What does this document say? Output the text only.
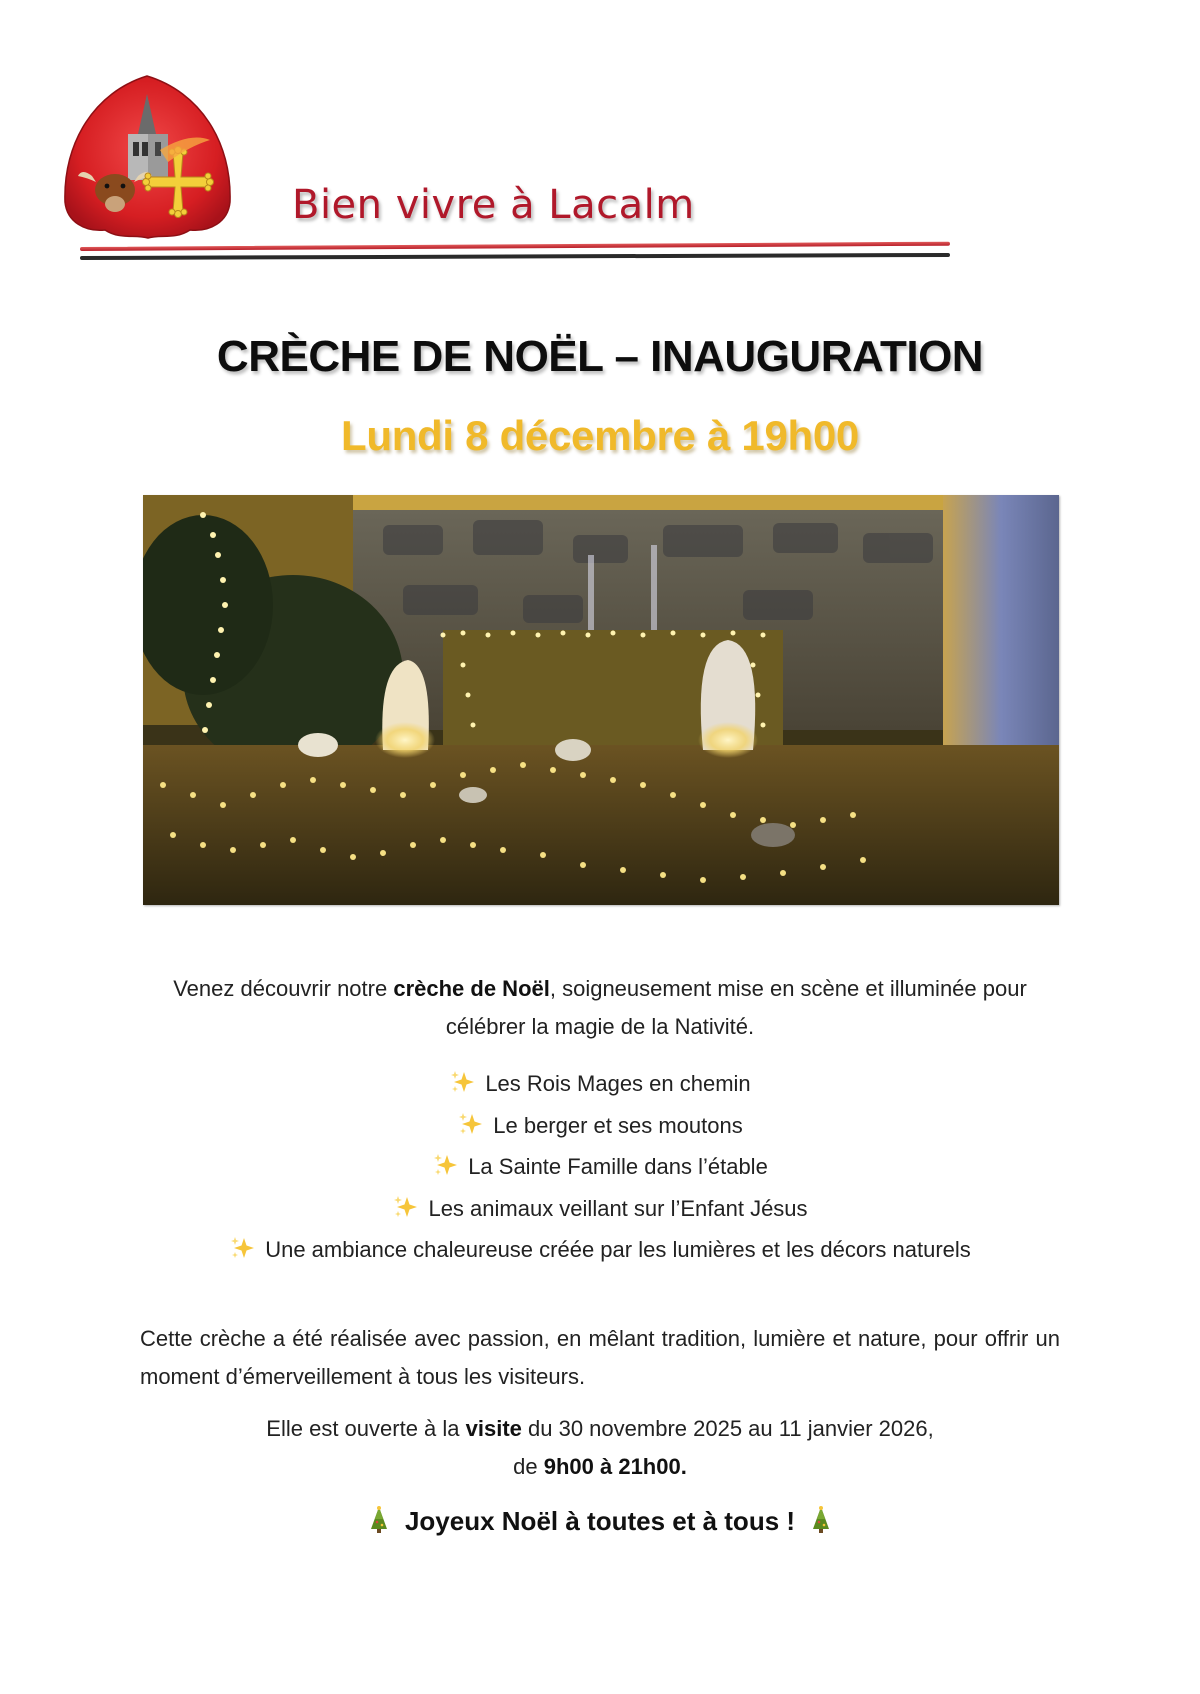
Bien vivre à Lacalm
CRÈCHE DE NOËL – INAUGURATION
Lundi 8 décembre à 19h00
Venez découvrir notre crèche de Noël, soigneusement mise en scène et illuminée pour célébrer la magie de la Nativité.
Les Rois Mages en chemin
Le berger et ses moutons
La Sainte Famille dans l’étable
Les animaux veillant sur l’Enfant Jésus
Une ambiance chaleureuse créée par les lumières et les décors naturels
Cette crèche a été réalisée avec passion, en mêlant tradition, lumière et nature, pour offrir un moment d’émerveillement à tous les visiteurs.
Elle est ouverte à la visite du 30 novembre 2025 au 11 janvier 2026,
de 9h00 à 21h00.
Joyeux Noël à toutes et à tous !
